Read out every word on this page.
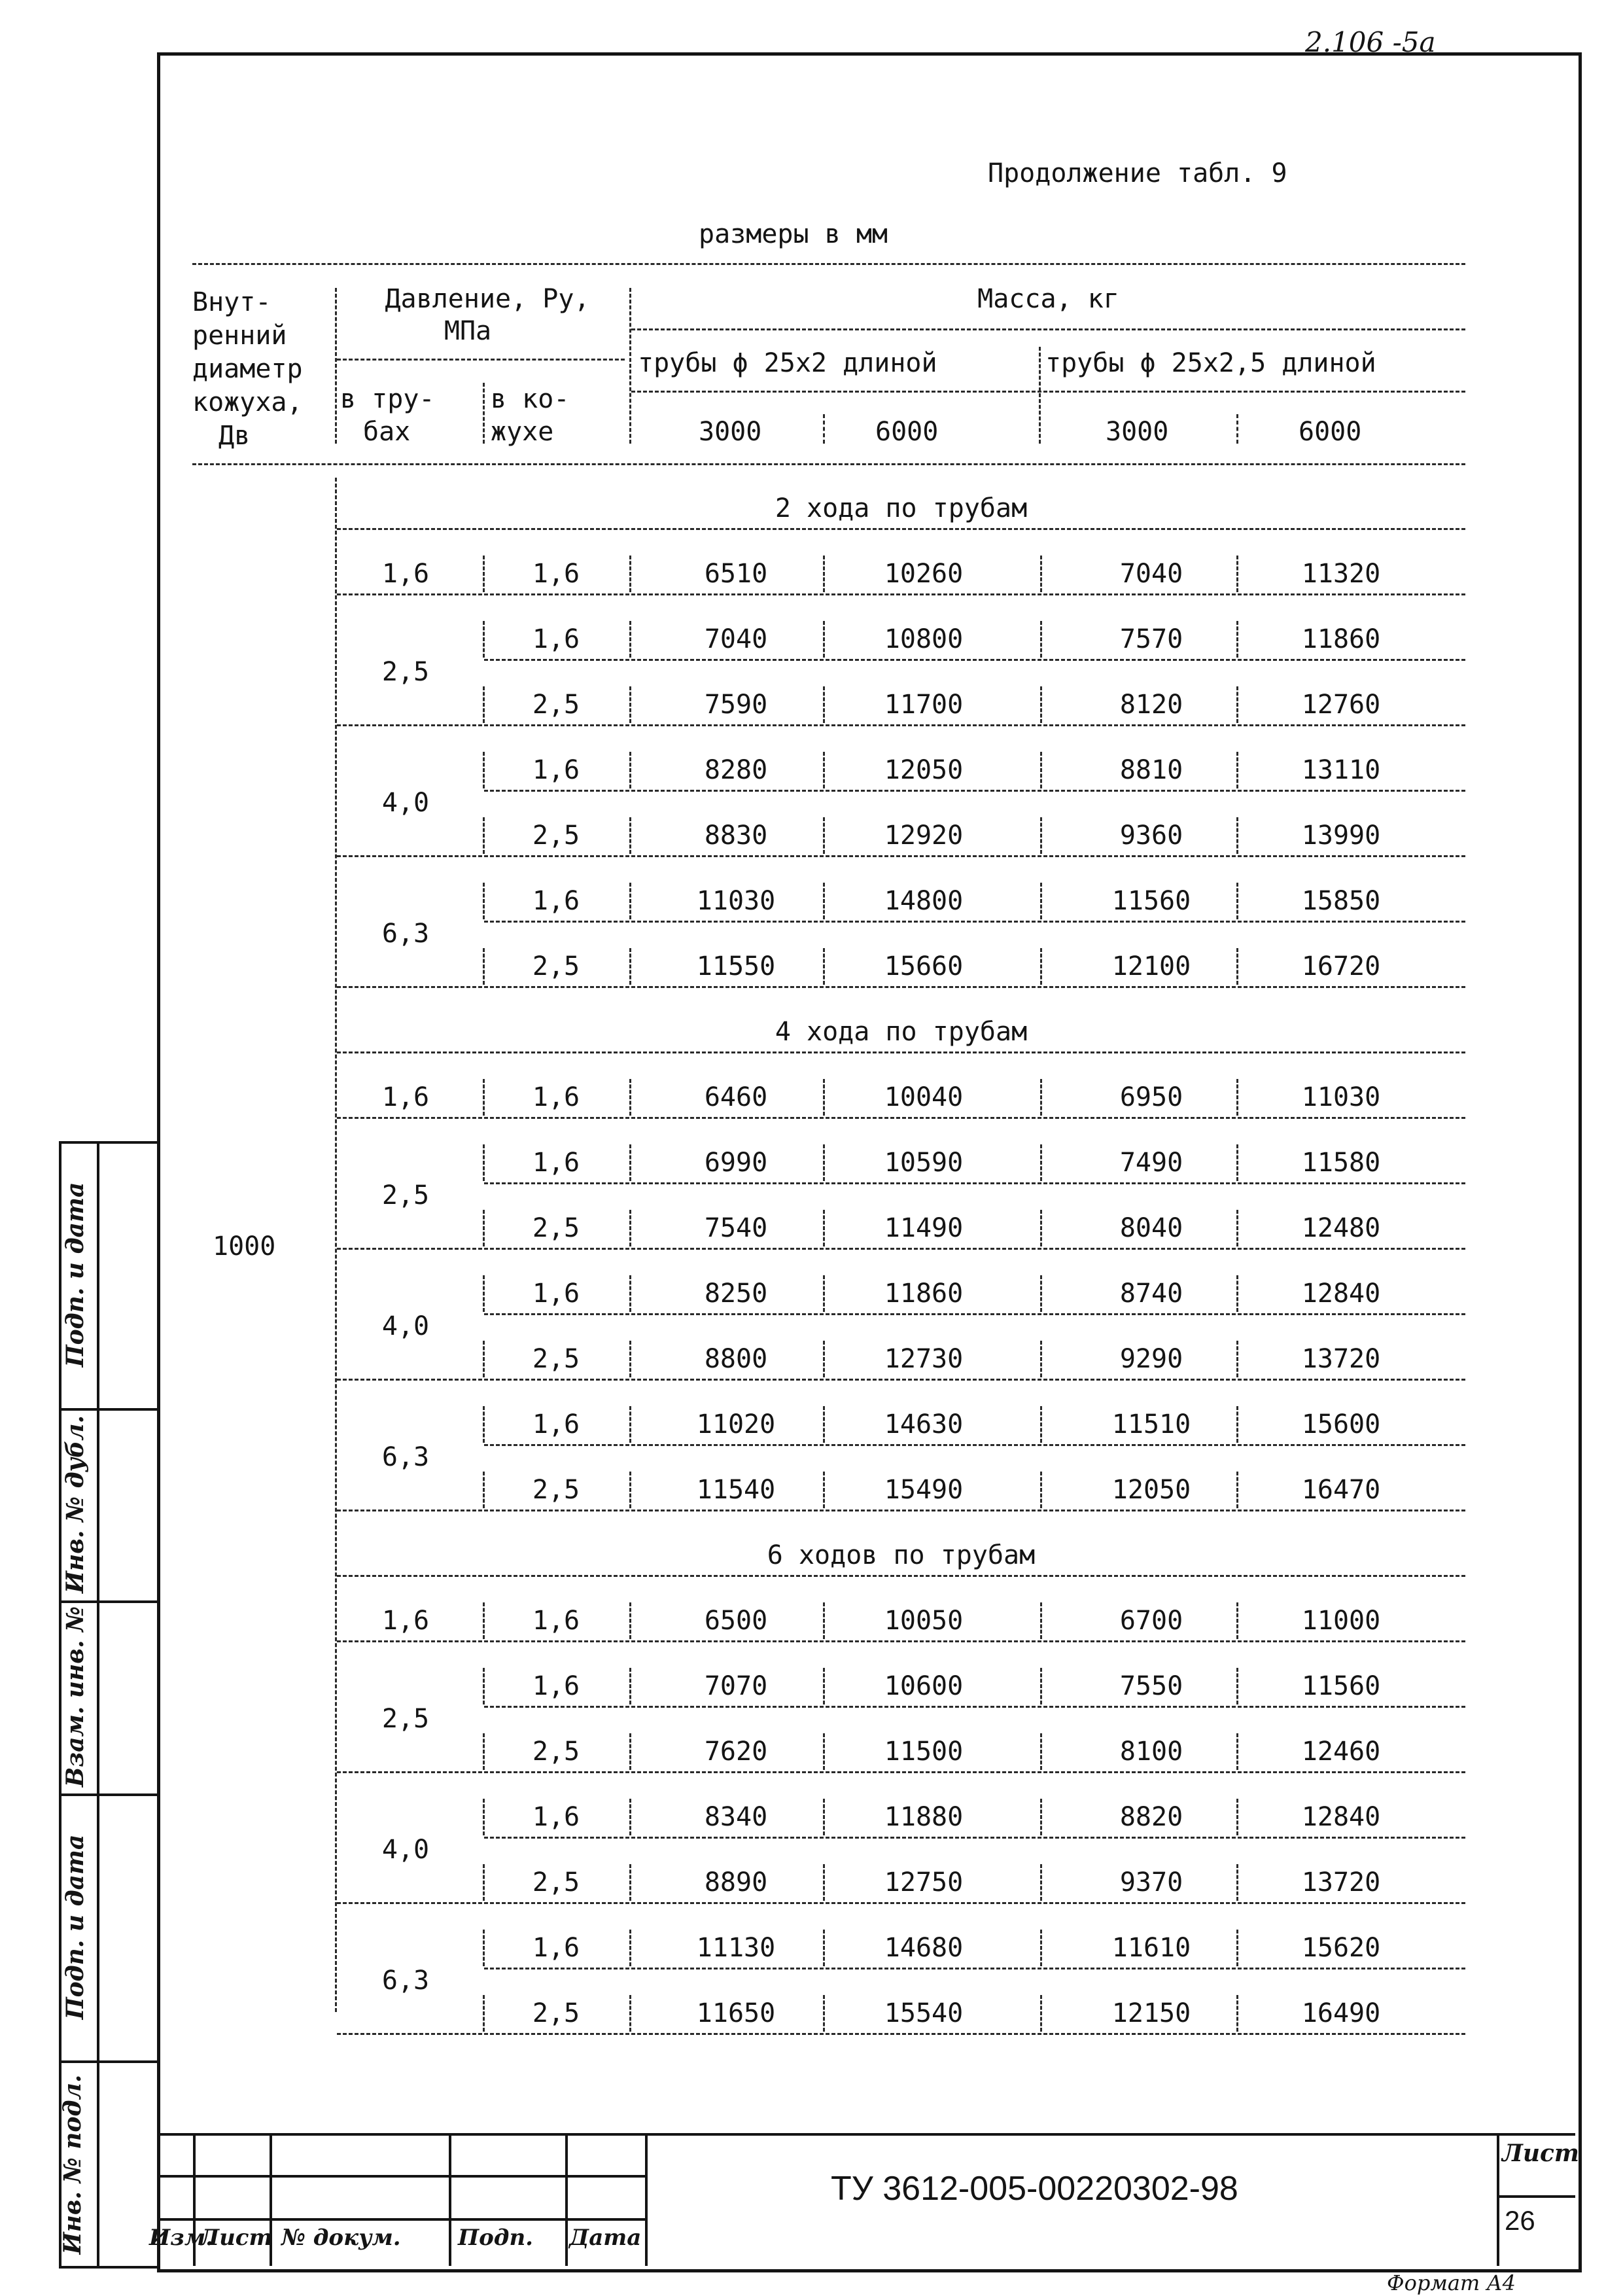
2.106 -5a
Продолжение табл. 9
размеры в мм
Внут-
ренний
диаметр
кожуха,
Дв
Давление, Ру,
МПа
в тру-
бах
в ко-
жухе
Масса, кг
трубы ϕ 25x2 длиной	трубы ϕ 25x2,5 длиной
3000	6000	3000	6000
1000
2 хода по трубам
1,6	1,6	6510	10260	7040	11320
2,5
1,6	7040	10800	7570	11860
2,5	7590	11700	8120	12760
4,0
1,6	8280	12050	8810	13110
2,5	8830	12920	9360	13990
6,3
1,6	11030	14800	11560	15850
2,5	11550	15660	12100	16720
4 хода по трубам
1,6	1,6	6460	10040	6950	11030
2,5
1,6	6990	10590	7490	11580
2,5	7540	11490	8040	12480
4,0
1,6	8250	11860	8740	12840
2,5	8800	12730	9290	13720
6,3
1,6	11020	14630	11510	15600
2,5	11540	15490	12050	16470
6 ходов по трубам
1,6	1,6	6500	10050	6700	11000
2,5
1,6	7070	10600	7550	11560
2,5	7620	11500	8100	12460
4,0
1,6	8340	11880	8820	12840
2,5	8890	12750	9370	13720
6,3
1,6	11130	14680	11610	15620
2,5	11650	15540	12150	16490
Инв. № подл.
Подп. и дата
Взам. инв. №
Инв. № дубл.
Подп. и дата
Изм.
Лист № докум.	Подп. Дата
ТУ 3612-005-00220302-98
Лист
26
Формат А4
